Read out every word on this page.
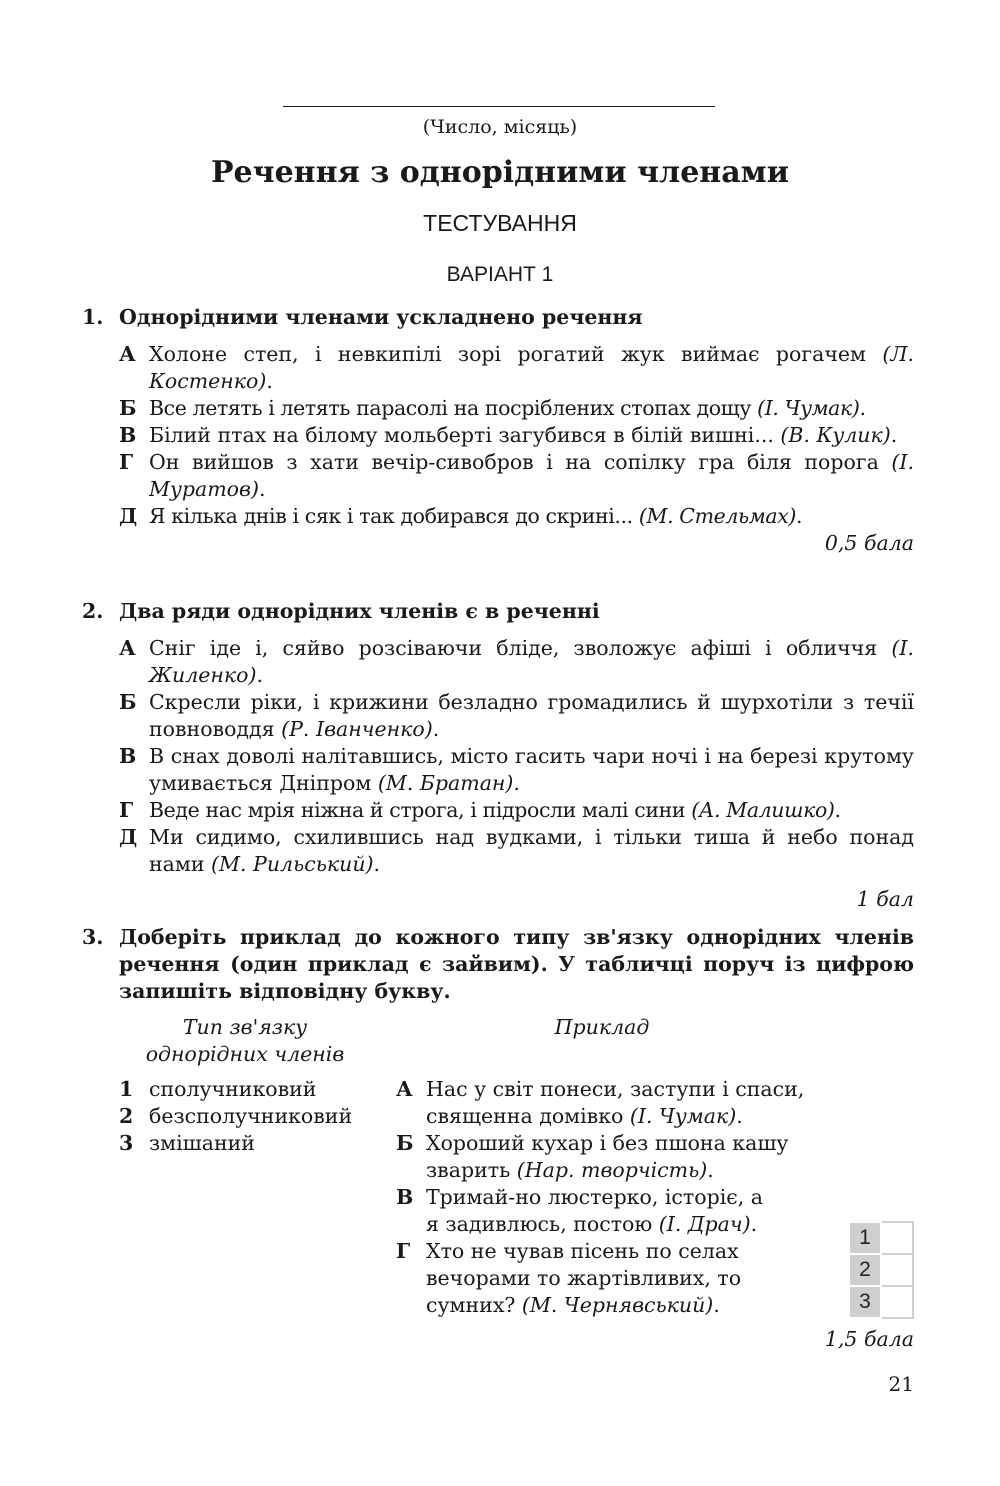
(Число, місяць)
Речення з однорідними членами
ТЕСТУВАННЯ
ВАРІАНТ 1
1. Однорідними членами ускладнено речення
А Холоне степ, і невкипілі зорі рогатий жук виймає рогачем (Л. Костенко).
Б Все летять і летять парасолі на посріблених стопах дощу (І. Чумак).
В Білий птах на білому мольберті загубився в білій вишні... (В. Кулик).
Г Он вийшов з хати вечір-сивобров і на сопілку гра біля порога (І. Муратов).
Д Я кілька днів і сяк і так добирався до скрині... (М. Стельмах).
0,5 бала
2. Два ряди однорідних членів є в реченні
А Сніг іде і, сяйво розсіваючи бліде, зволожує афіші і обличчя (І. Жиленко).
Б Скресли ріки, і крижини безладно громадились й шурхотіли з течії повноводдя (Р. Іванченко).
В В снах доволі налітавшись, місто гасить чари ночі і на березі крутому умивається Дніпром (М. Братан).
Г Веде нас мрія ніжна й строга, і підросли малі сини (А. Малишко).
Д Ми сидимо, схилившись над вудками, і тільки тиша й небо понад нами (М. Рильський).
1 бал
3. Доберіть приклад до кожного типу зв'язку однорідних членів речення (один приклад є зайвим). У табличці поруч із цифрою запишіть відповідну букву.
Тип зв'язку
однорідних членів
Приклад
1 сполучниковий
2 безсполучниковий
3 змішаний
А Нас у світ понеси, заступи і спаси, священна домівко (І. Чумак).
Б Хороший кухар і без пшона кашу зварить (Нар. творчість).
В Тримай-но люстерко, історіє, а я задивлюсь, постою (І. Драч).
Г Хто не чував пісень по селах вечорами то жартівливих, то сумних? (М. Чернявський).
1	
2	
3	
1,5 бала
21
